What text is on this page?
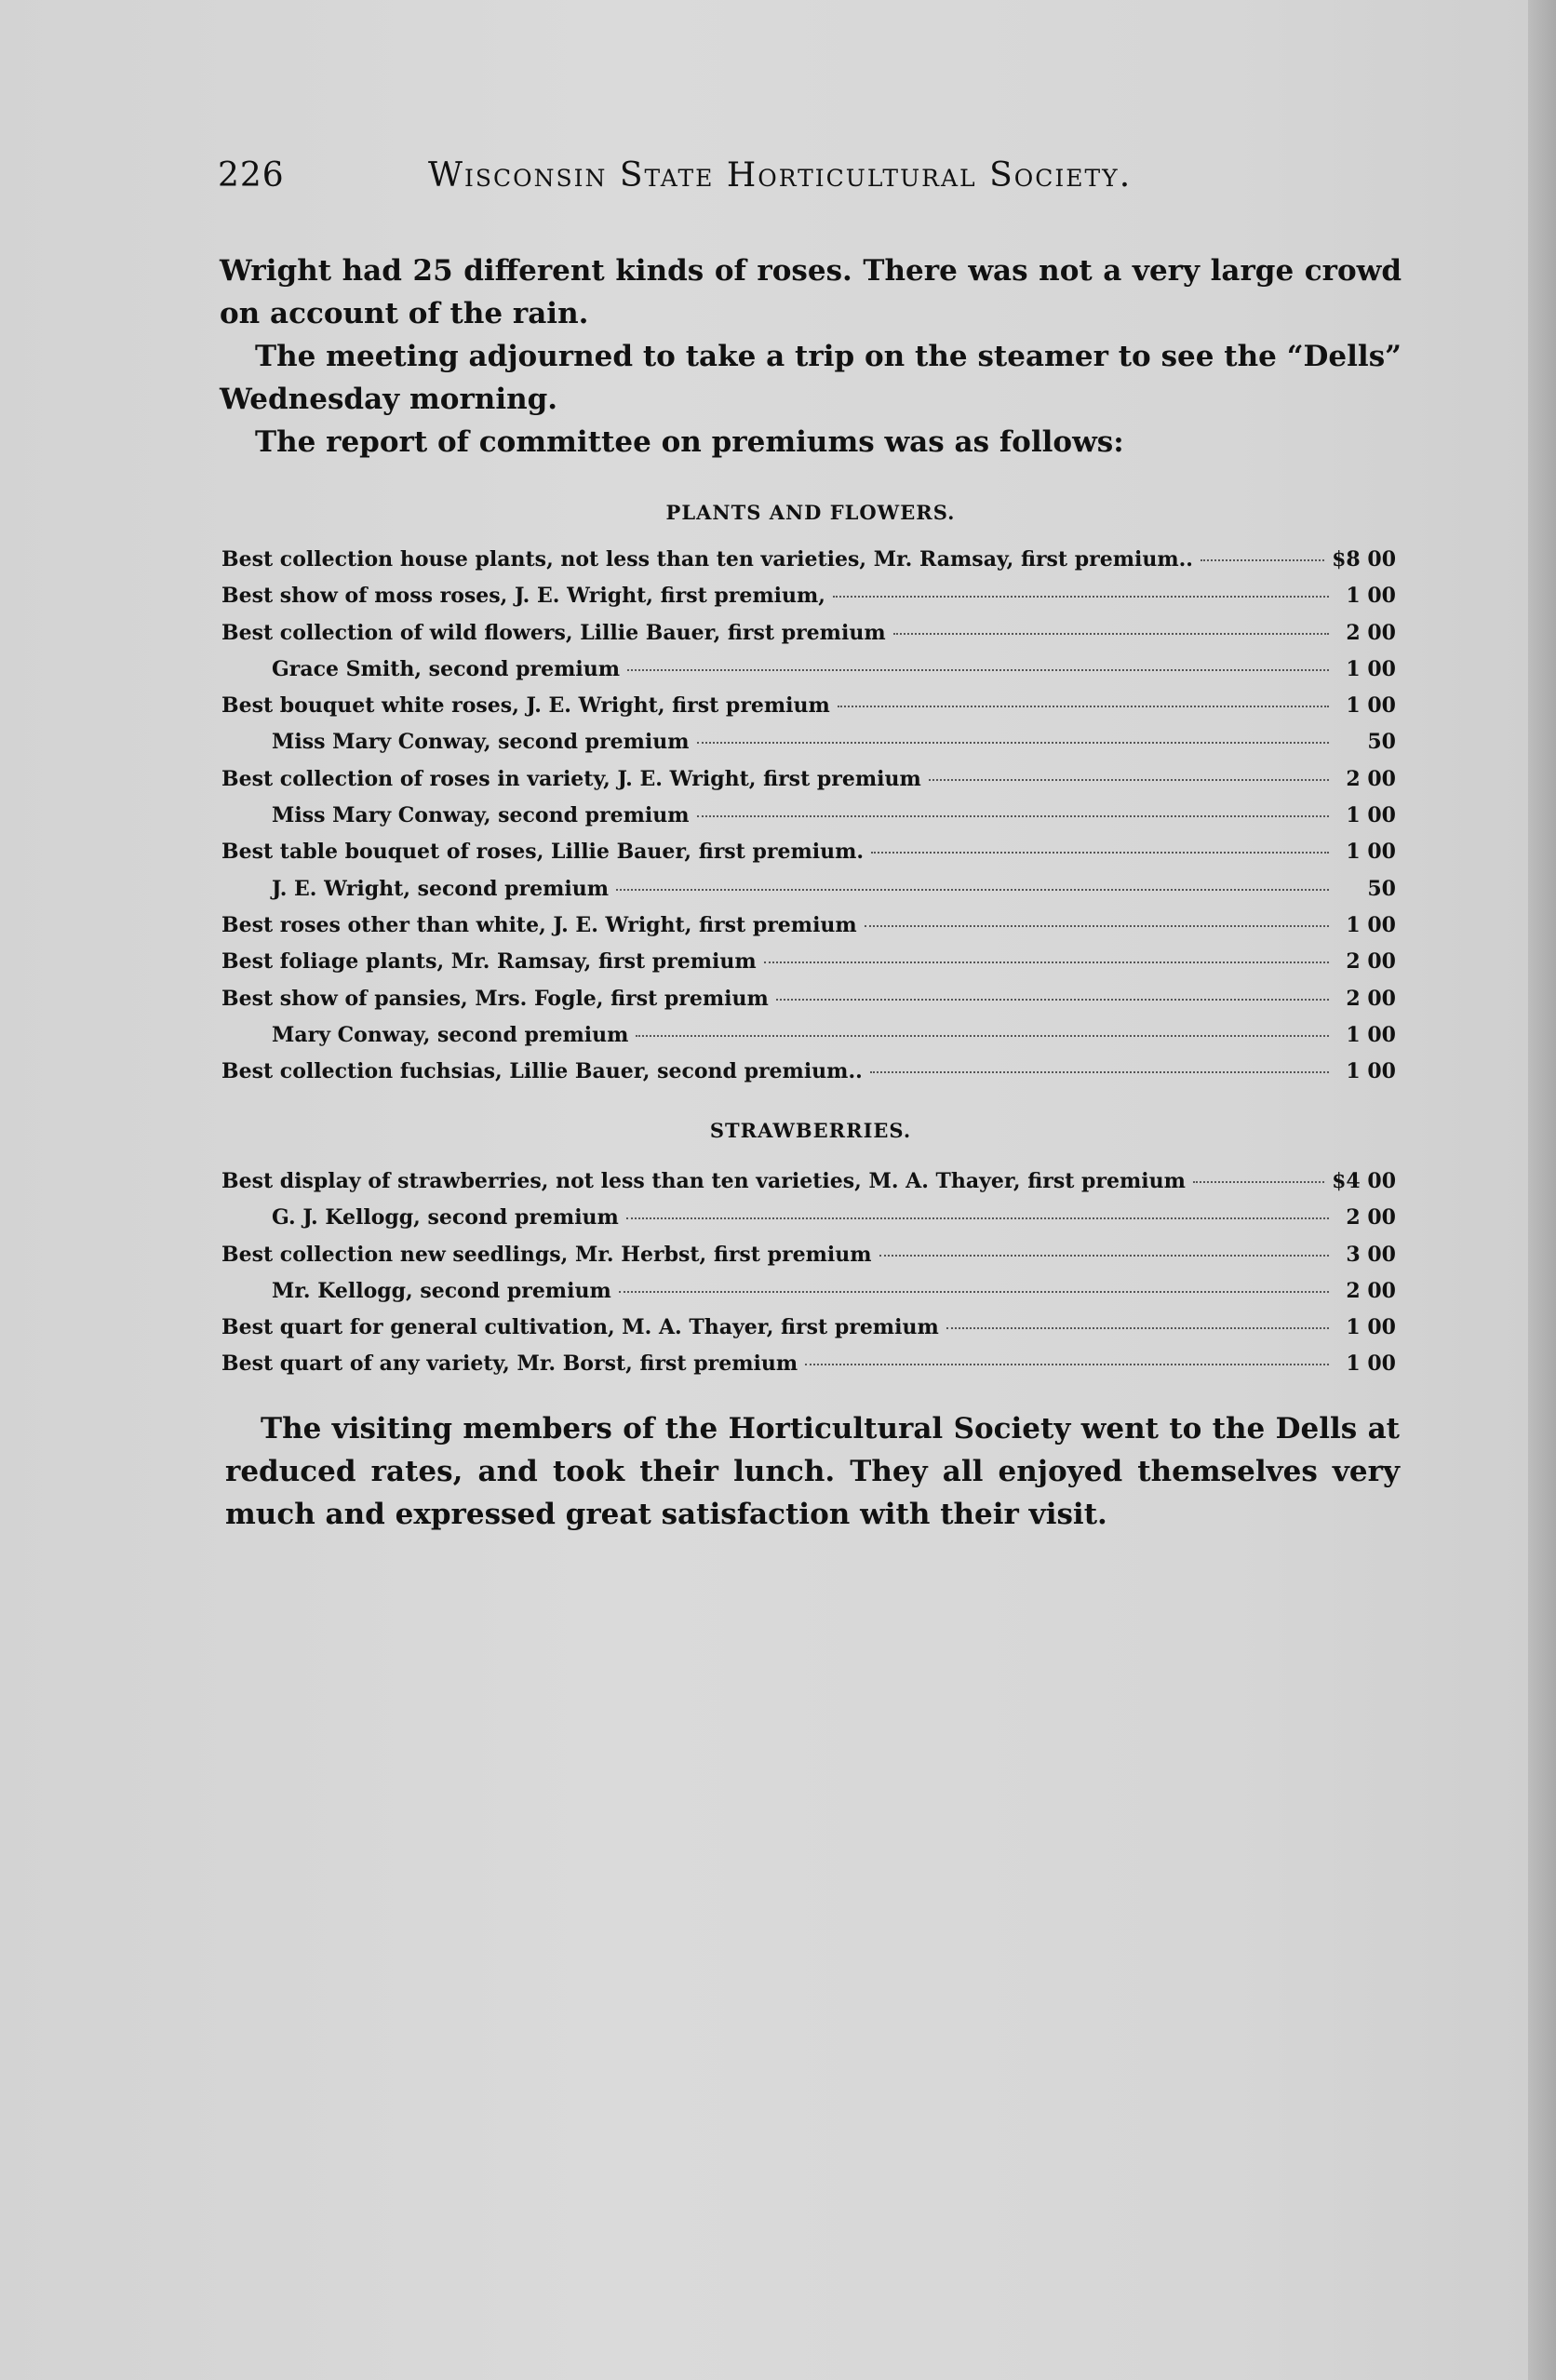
226	Wisconsin State Horticultural Society.
Wright had 25 different kinds of roses. There was not a very large crowd on account of the rain.
The meeting adjourned to take a trip on the steamer to see the “Dells” Wednesday morning.
The report of committee on premiums was as follows:
PLANTS AND FLOWERS.
Best collection house plants, not less than ten varieties, Mr. Ramsay, first premium..	$8 00
Best show of moss roses, J. E. Wright, first premium,	1 00
Best collection of wild flowers, Lillie Bauer, first premium	2 00
Grace Smith, second premium	1 00
Best bouquet white roses, J. E. Wright, first premium	1 00
Miss Mary Conway, second premium	50
Best collection of roses in variety, J. E. Wright, first premium	2 00
Miss Mary Conway, second premium	1 00
Best table bouquet of roses, Lillie Bauer, first premium.	1 00
J. E. Wright, second premium	50
Best roses other than white, J. E. Wright, first premium	1 00
Best foliage plants, Mr. Ramsay, first premium	2 00
Best show of pansies, Mrs. Fogle, first premium	2 00
Mary Conway, second premium	1 00
Best collection fuchsias, Lillie Bauer, second premium..	1 00
STRAWBERRIES.
Best display of strawberries, not less than ten varieties, M. A. Thayer, first premium	$4 00
G. J. Kellogg, second premium	2 00
Best collection new seedlings, Mr. Herbst, first premium	3 00
Mr. Kellogg, second premium	2 00
Best quart for general cultivation, M. A. Thayer, first premium	1 00
Best quart of any variety, Mr. Borst, first premium	1 00
The visiting members of the Horticultural Society went to the Dells at reduced rates, and took their lunch. They all enjoyed themselves very much and expressed great satisfaction with their visit.
